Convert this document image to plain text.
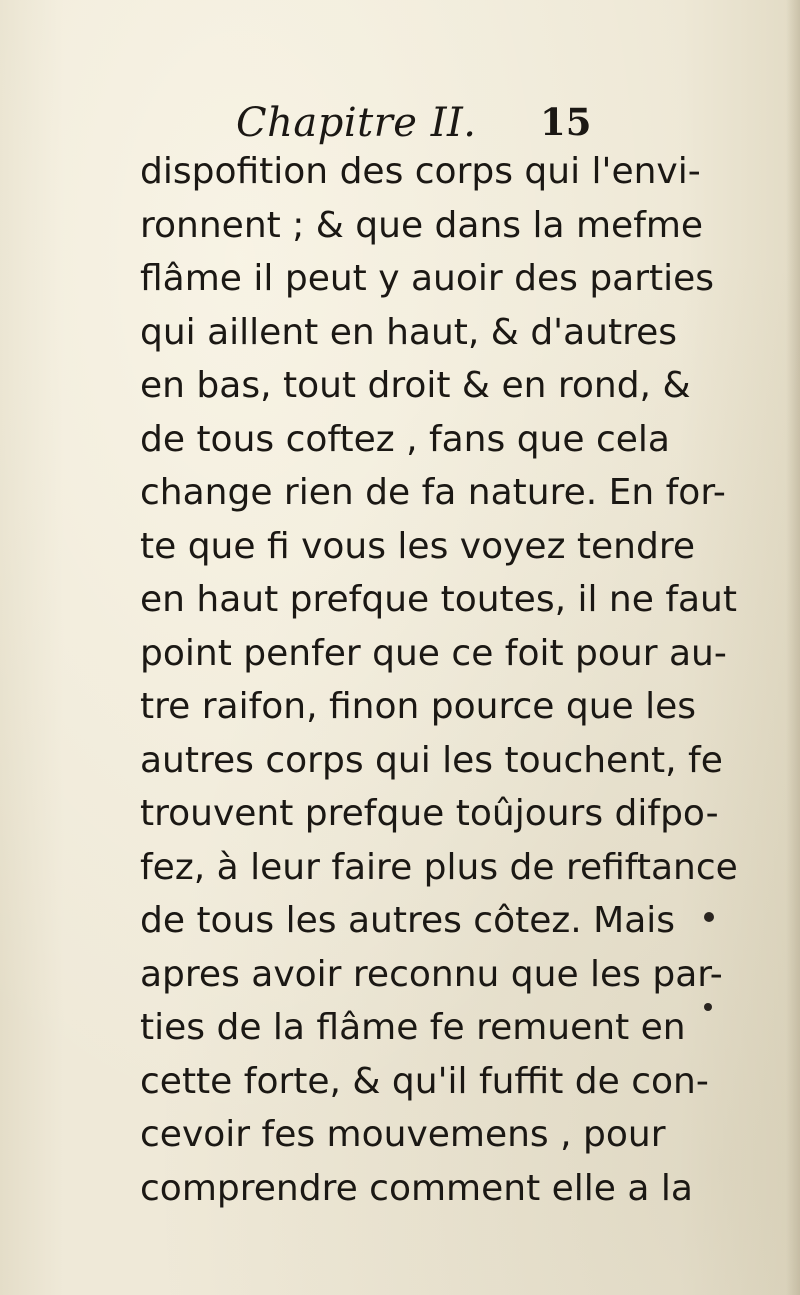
Chapitre II. 15
dispofition des corps qui l'envi-
ronnent ; & que dans la mefme
flâme il peut y auoir des parties
qui aillent en haut, & d'autres
en bas, tout droit & en rond, &
de tous coftez , fans que cela
change rien de fa nature. En for-
te que fi vous les voyez tendre
en haut prefque toutes, il ne faut
point penfer que ce foit pour au-
tre raifon, finon pource que les
autres corps qui les touchent, fe
trouvent prefque toûjours difpo-
fez, à leur faire plus de refiftance
de tous les autres côtez. Mais
apres avoir reconnu que les par-
ties de la flâme fe remuent en
cette forte, & qu'il fuffit de con-
cevoir fes mouvemens , pour
comprendre comment elle a la
